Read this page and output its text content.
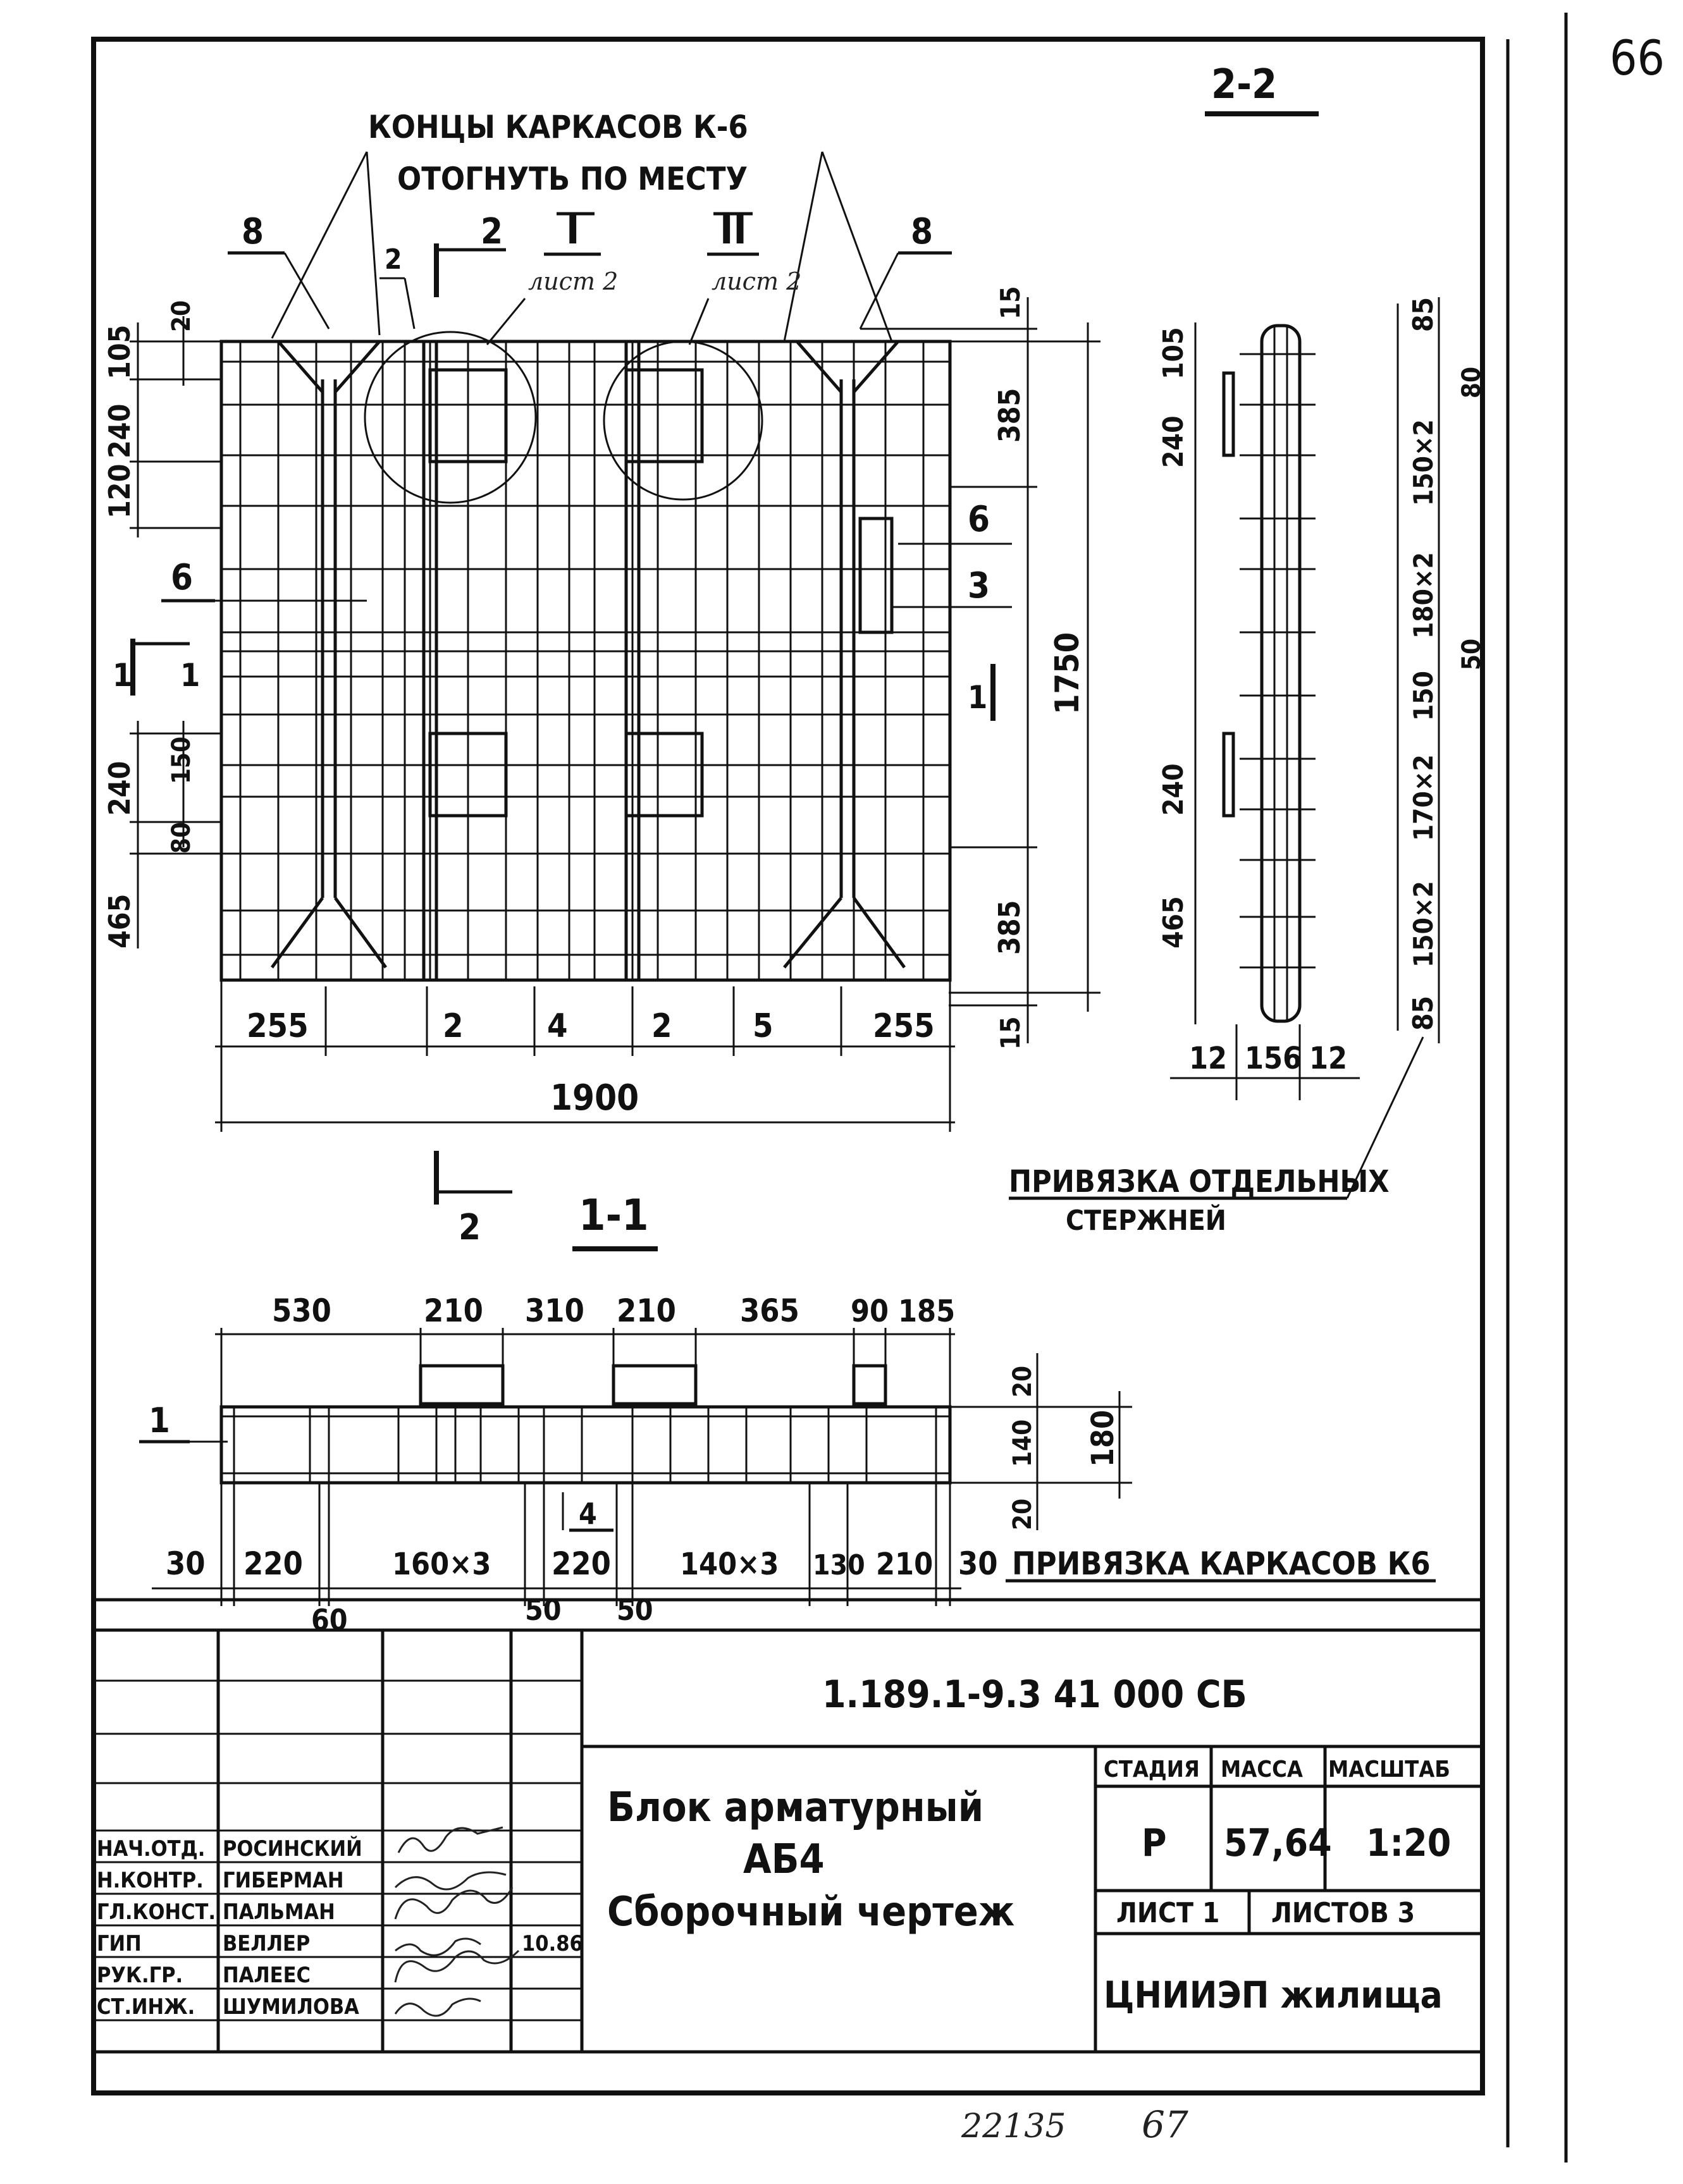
66
2-2
КОНЦЫ КАРКАСОВ К-6
ОТОГНУТЬ ПО МЕСТУ
8	8
2
2 I
лист 2
II
лист 2
6
6
3
1 1
1
2
105
20
240
120
240
150
80
465
15
385
1750
385
15
255	2	4	2 5	255
1900
105
240
240
465
85
80
150×2
180×2
50
150
170×2
150×2
85
12 156 12
ПРИВЯЗКА ОТДЕЛЬНЫХ
СТЕРЖНЕЙ
1-1
1
530	210 310 210 365 90 185
20
140
20
180
4
30 220	160×3 220 140×3 130 210 30
60	50 50
ПРИВЯЗКА КАРКАСОВ К6
1.189.1-9.3 41 000 СБ
Блок арматурный
АБ4
Сборочный чертеж
СТАДИЯ МАССА МАСШТАБ
Р 57,64 1:20
ЛИСТ 1 ЛИСТОВ 3
ЦНИИЭП жилища
10.86
НАЧ.ОТД. РОСИНСКИЙ
Н.КОНТР. ГИБЕРМАН
ГЛ.КОНСТ. ПАЛЬМАН
ГИП	ВЕЛЛЕР
РУК.ГР. ПАЛЕЕС
СТ.ИНЖ. ШУМИЛОВА
22135 67
